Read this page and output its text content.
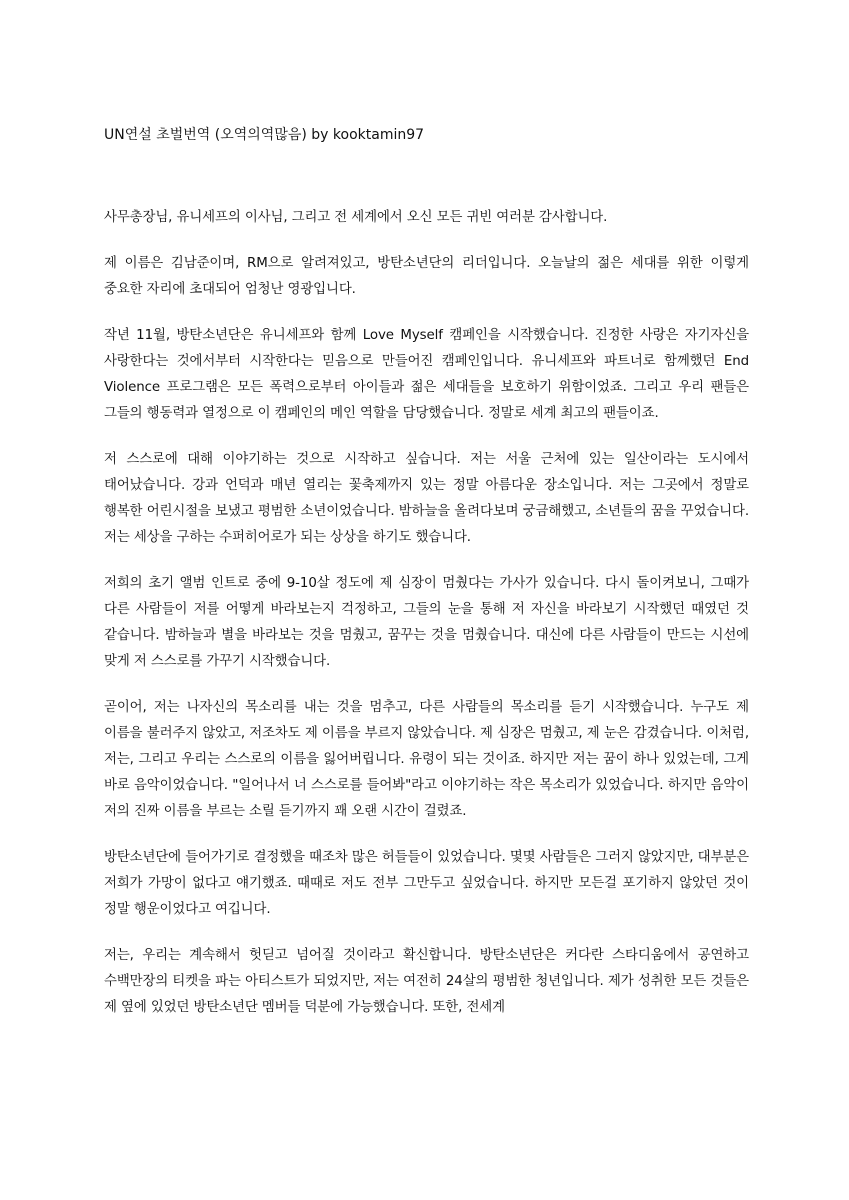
UN연설 초벌번역 (오역의역많음) by kooktamin97

사무총장님, 유니세프의 이사님, 그리고 전 세계에서 오신 모든 귀빈 여러분 감사합니다.

제 이름은 김남준이며, RM으로 알려져있고, 방탄소년단의 리더입니다. 오늘날의 젊은 세대를 위한 이렇게 중요한 자리에 초대되어 엄청난 영광입니다.

작년 11월, 방탄소년단은 유니세프와 함께 Love Myself 캠페인을 시작했습니다. 진정한 사랑은 자기자신을 사랑한다는 것에서부터 시작한다는 믿음으로 만들어진 캠페인입니다. 유니세프와 파트너로 함께했던 End Violence 프로그램은 모든 폭력으로부터 아이들과 젊은 세대들을 보호하기 위함이었죠. 그리고 우리 팬들은 그들의 행동력과 열정으로 이 캠페인의 메인 역할을 담당했습니다. 정말로 세계 최고의 팬들이죠.

저 스스로에 대해 이야기하는 것으로 시작하고 싶습니다. 저는 서울 근처에 있는 일산이라는 도시에서 태어났습니다. 강과 언덕과 매년 열리는 꽃축제까지 있는 정말 아름다운 장소입니다. 저는 그곳에서 정말로 행복한 어린시절을 보냈고 평범한 소년이었습니다. 밤하늘을 올려다보며 궁금해했고, 소년들의 꿈을 꾸었습니다. 저는 세상을 구하는 수퍼히어로가 되는 상상을 하기도 했습니다.

저희의 초기 앨범 인트로 중에 9-10살 정도에 제 심장이 멈췄다는 가사가 있습니다. 다시 돌이켜보니, 그때가 다른 사람들이 저를 어떻게 바라보는지 걱정하고, 그들의 눈을 통해 저 자신을 바라보기 시작했던 때였던 것 같습니다. 밤하늘과 별을 바라보는 것을 멈췄고, 꿈꾸는 것을 멈췄습니다. 대신에 다른 사람들이 만드는 시선에 맞게 저 스스로를 가꾸기 시작했습니다.

곧이어, 저는 나자신의 목소리를 내는 것을 멈추고, 다른 사람들의 목소리를 듣기 시작했습니다. 누구도 제 이름을 불러주지 않았고, 저조차도 제 이름을 부르지 않았습니다. 제 심장은 멈췄고, 제 눈은 감겼습니다. 이처럼, 저는, 그리고 우리는 스스로의 이름을 잃어버립니다. 유령이 되는 것이죠. 하지만 저는 꿈이 하나 있었는데, 그게 바로 음악이었습니다. "일어나서 너 스스로를 들어봐"라고 이야기하는 작은 목소리가 있었습니다. 하지만 음악이 저의 진짜 이름을 부르는 소릴 듣기까지 꽤 오랜 시간이 걸렸죠.

방탄소년단에 들어가기로 결정했을 때조차 많은 허들들이 있었습니다. 몇몇 사람들은 그러지 않았지만, 대부분은 저희가 가망이 없다고 얘기했죠. 때때로 저도 전부 그만두고 싶었습니다. 하지만 모든걸 포기하지 않았던 것이 정말 행운이었다고 여깁니다.

저는, 우리는 계속해서 헛딛고 넘어질 것이라고 확신합니다. 방탄소년단은 커다란 스타디움에서 공연하고 수백만장의 티켓을 파는 아티스트가 되었지만, 저는 여전히 24살의 평범한 청년입니다. 제가 성취한 모든 것들은 제 옆에 있었던 방탄소년단 멤버들 덕분에 가능했습니다. 또한, 전세계
